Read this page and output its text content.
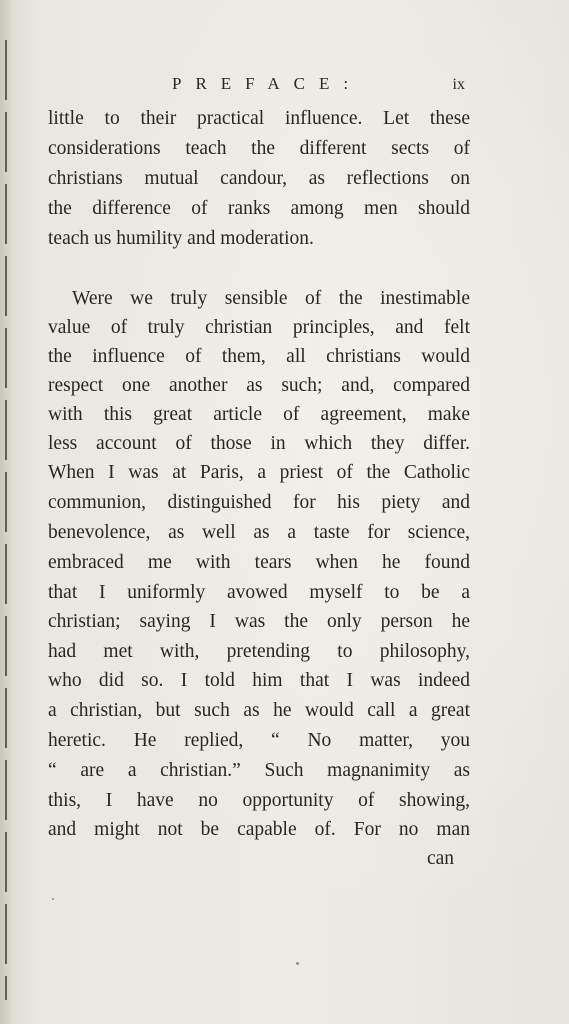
PREFACE:	ix
little to their practical influence. Let these
considerations teach the different sects of
christians mutual candour, as reflections on
the difference of ranks among men should
teach us humility and moderation.
Were we truly sensible of the inestimable
value of truly christian principles, and felt
the influence of them, all christians would
respect one another as such; and, compared
with this great article of agreement, make
less account of those in which they differ.
When I was at Paris, a priest of the Catholic
communion, distinguished for his piety and
benevolence, as well as a taste for science,
embraced me with tears when he found
that I uniformly avowed myself to be a
christian; saying I was the only person he
had met with, pretending to philosophy,
who did so. I told him that I was indeed
a christian, but such as he would call a great
heretic. He replied, “ No matter, you
“ are a christian.” Such magnanimity as
this, I have no opportunity of showing,
and might not be capable of. For no man
can
